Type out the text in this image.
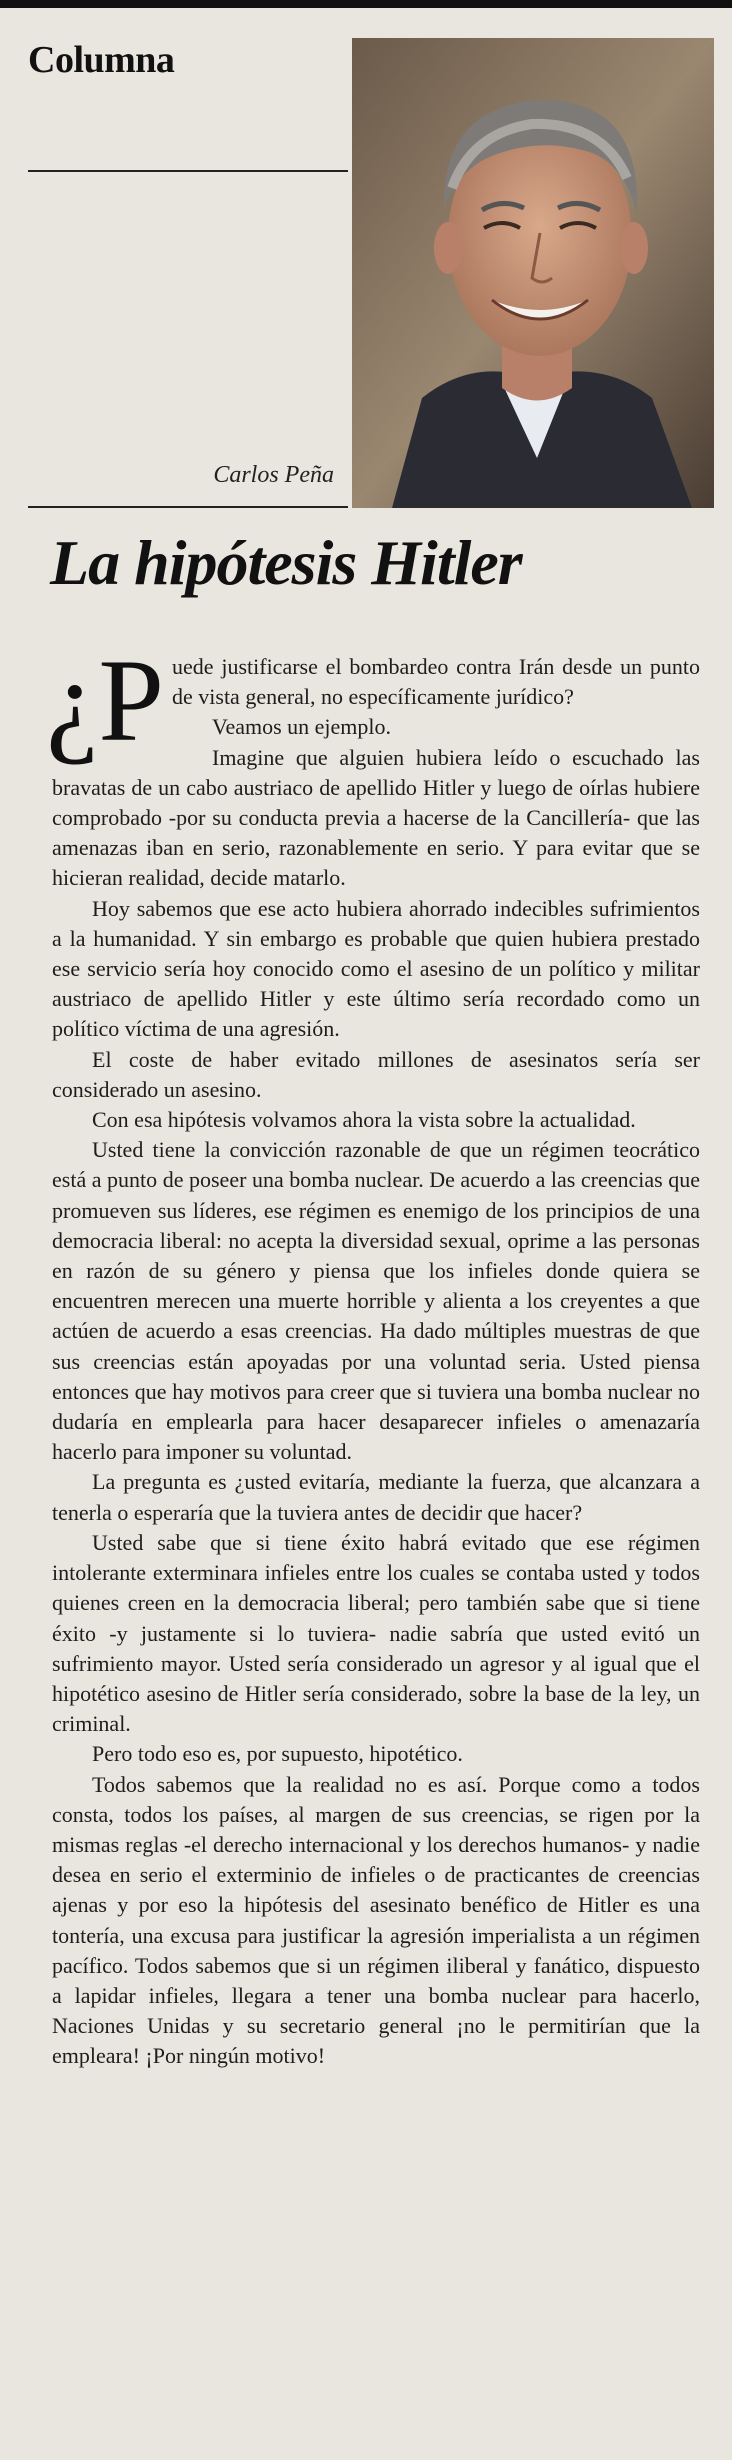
Columna
Carlos Peña
La hipótesis Hitler

¿P uede justificarse el bombardeo contra Irán desde un punto de vista general, no específicamente jurídico?

Veamos un ejemplo.

Imagine que alguien hubiera leído o escuchado las bravatas de un cabo austriaco de apellido Hitler y luego de oírlas hubiere comprobado -por su conducta previa a hacerse de la Cancillería- que las amenazas iban en serio, razonablemente en serio. Y para evitar que se hicieran realidad, decide matarlo.

Hoy sabemos que ese acto hubiera ahorrado indecibles sufrimientos a la humanidad. Y sin embargo es probable que quien hubiera prestado ese servicio sería hoy conocido como el asesino de un político y militar austriaco de apellido Hitler y este último sería recordado como un político víctima de una agresión.

El coste de haber evitado millones de asesinatos sería ser considerado un asesino.

Con esa hipótesis volvamos ahora la vista sobre la actualidad.

Usted tiene la convicción razonable de que un régimen teocrático está a punto de poseer una bomba nuclear. De acuerdo a las creencias que promueven sus líderes, ese régimen es enemigo de los principios de una democracia liberal: no acepta la diversidad sexual, oprime a las personas en razón de su género y piensa que los infieles donde quiera se encuentren merecen una muerte horrible y alienta a los creyentes a que actúen de acuerdo a esas creencias. Ha dado múltiples muestras de que sus creencias están apoyadas por una voluntad seria. Usted piensa entonces que hay motivos para creer que si tuviera una bomba nuclear no dudaría en emplearla para hacer desaparecer infieles o amenazaría hacerlo para imponer su voluntad.

La pregunta es ¿usted evitaría, mediante la fuerza, que alcanzara a tenerla o esperaría que la tuviera antes de decidir que hacer?

Usted sabe que si tiene éxito habrá evitado que ese régimen intolerante exterminara infieles entre los cuales se contaba usted y todos quienes creen en la democracia liberal; pero también sabe que si tiene éxito -y justamente si lo tuviera- nadie sabría que usted evitó un sufrimiento mayor. Usted sería considerado un agresor y al igual que el hipotético asesino de Hitler sería considerado, sobre la base de la ley, un criminal.

Pero todo eso es, por supuesto, hipotético.

Todos sabemos que la realidad no es así. Porque como a todos consta, todos los países, al margen de sus creencias, se rigen por la mismas reglas -el derecho internacional y los derechos humanos- y nadie desea en serio el exterminio de infieles o de practicantes de creencias ajenas y por eso la hipótesis del asesinato benéfico de Hitler es una tontería, una excusa para justificar la agresión imperialista a un régimen pacífico. Todos sabemos que si un régimen iliberal y fanático, dispuesto a lapidar infieles, llegara a tener una bomba nuclear para hacerlo, Naciones Unidas y su secretario general ¡no le permitirían que la empleara! ¡Por ningún motivo!
